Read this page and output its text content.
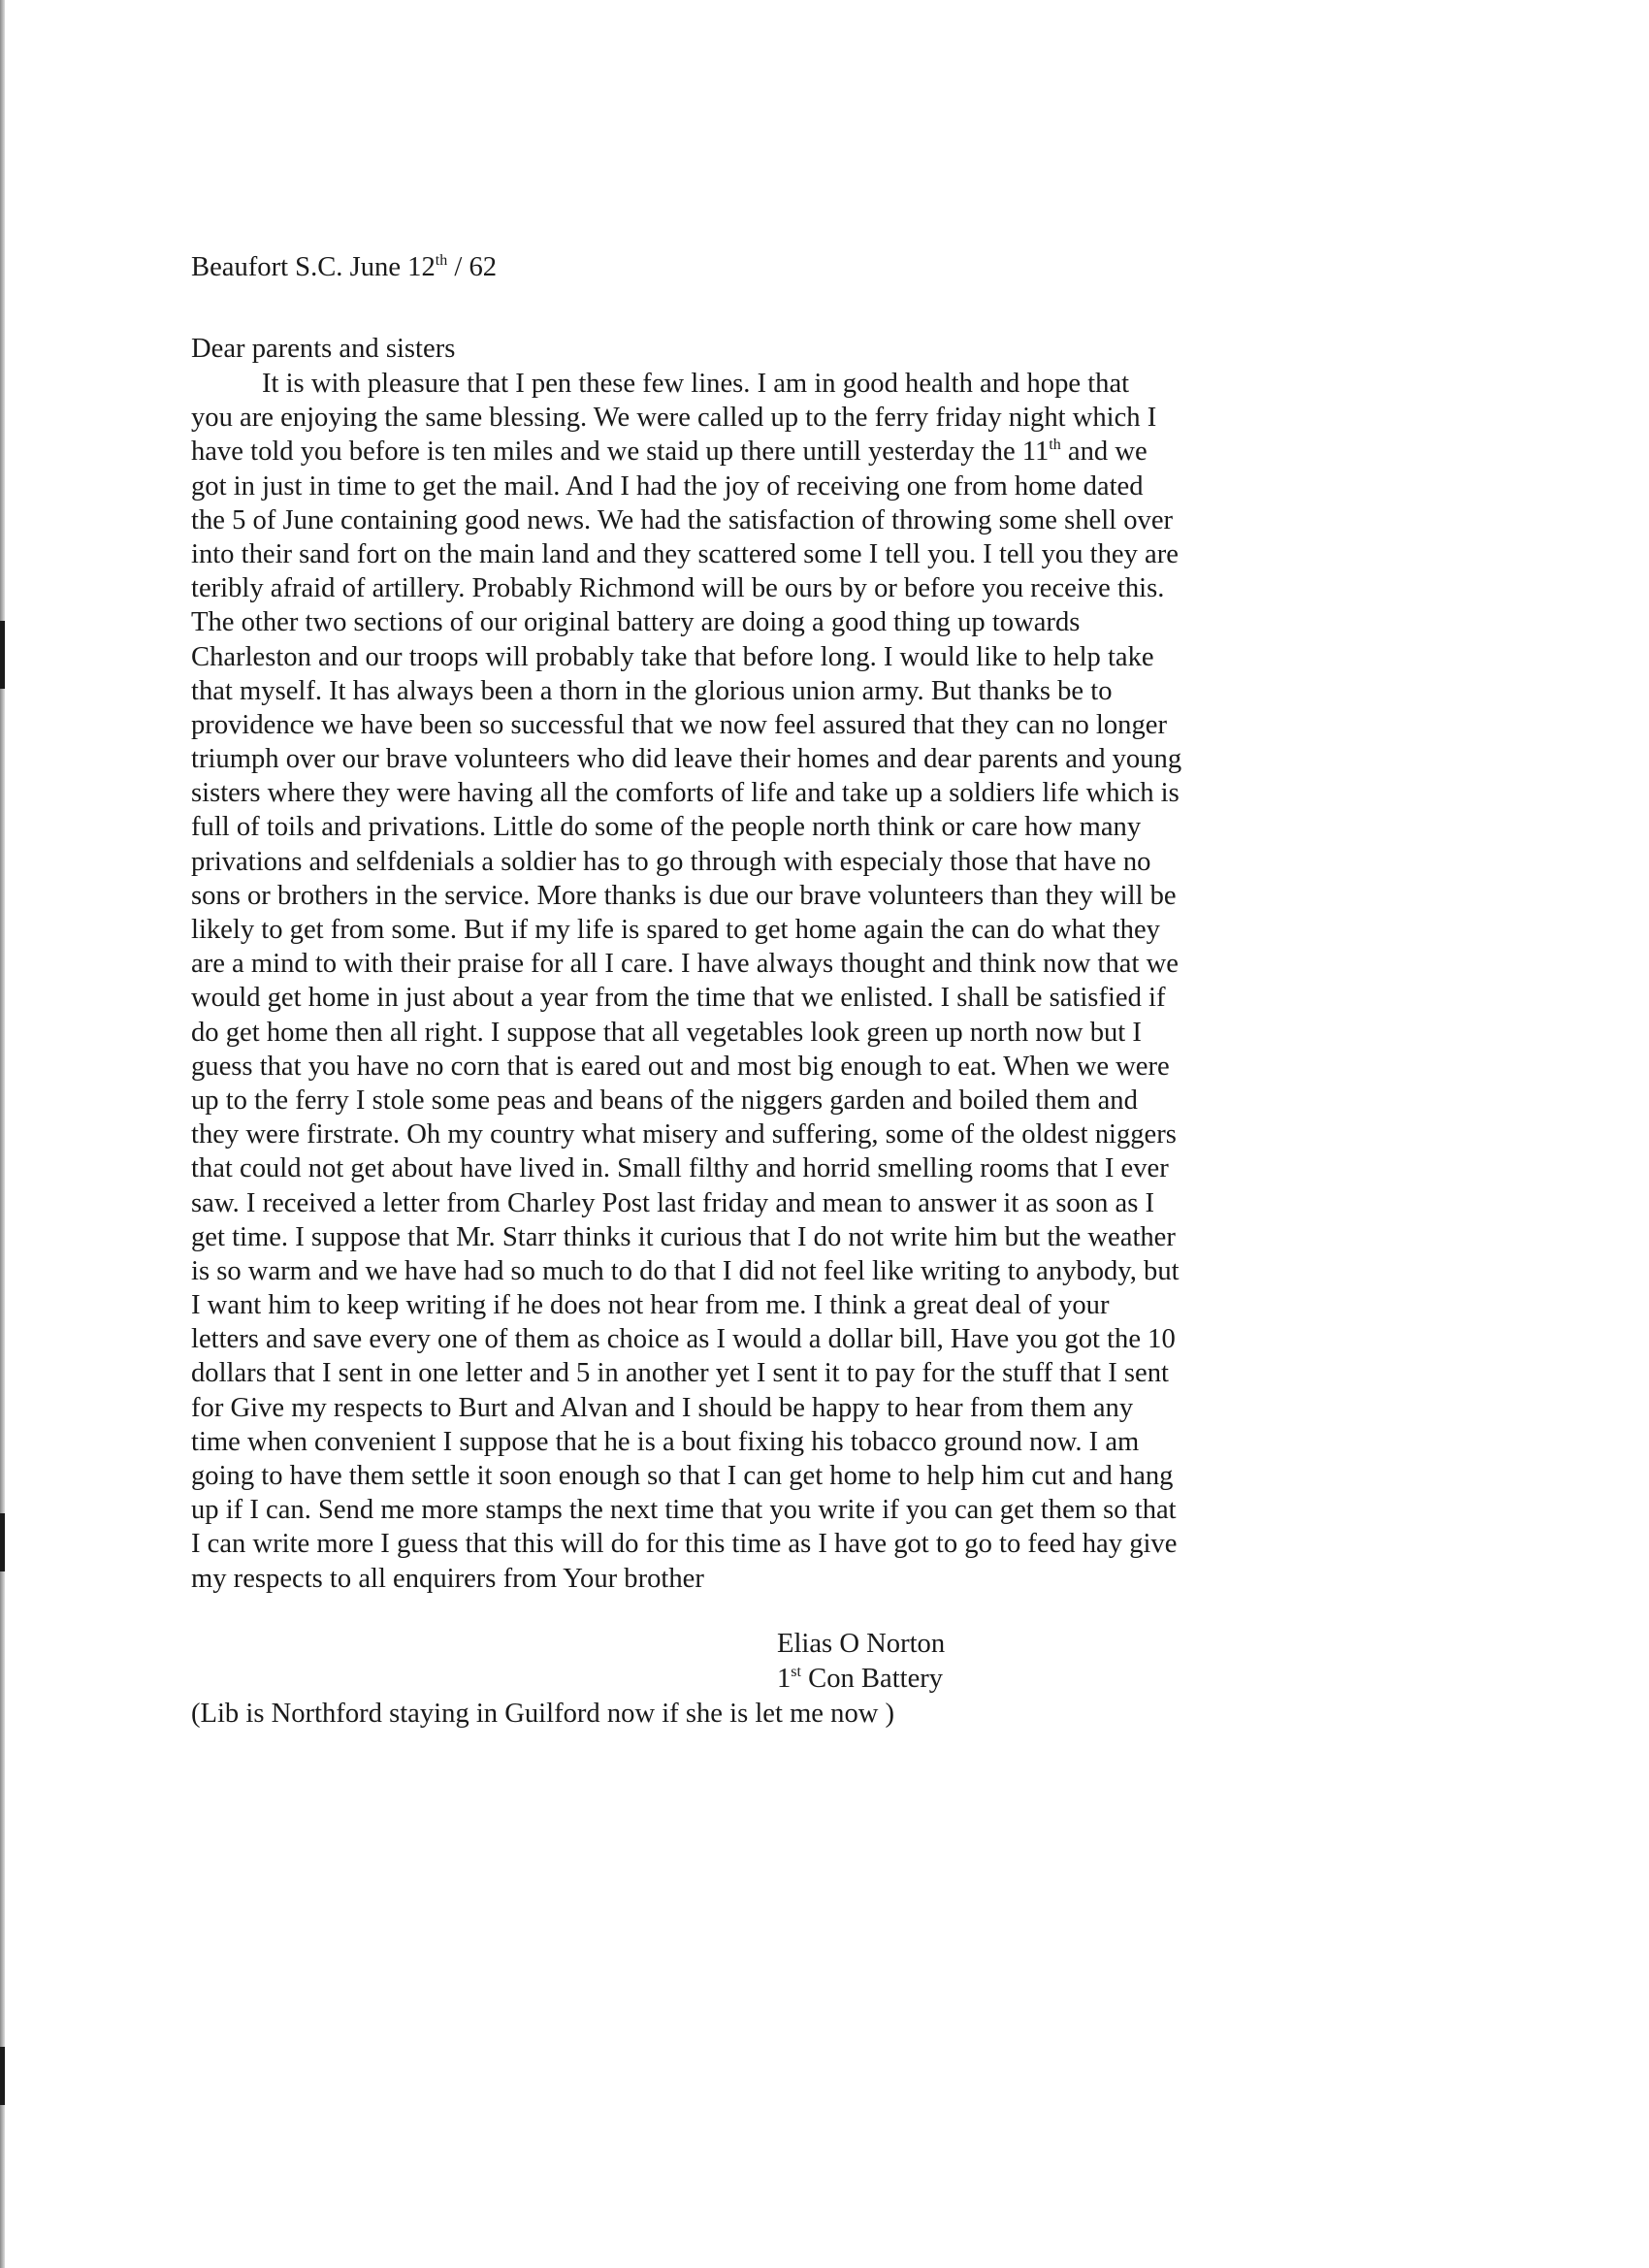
Beaufort S.C. June 12th / 62

Dear parents and sisters

It is with pleasure that I pen these few lines. I am in good health and hope that
you are enjoying the same blessing. We were called up to the ferry friday night which I
have told you before is ten miles and we staid up there untill yesterday the 11th and we
got in just in time to get the mail. And I had the joy of receiving one from home dated
the 5 of June containing good news. We had the satisfaction of throwing some shell over
into their sand fort on the main land and they scattered some I tell you. I tell you they are
teribly afraid of artillery. Probably Richmond will be ours by or before you receive this.
The other two sections of our original battery are doing a good thing up towards
Charleston and our troops will probably take that before long. I would like to help take
that myself. It has always been a thorn in the glorious union army. But thanks be to
providence we have been so successful that we now feel assured that they can no longer
triumph over our brave volunteers who did leave their homes and dear parents and young
sisters where they were having all the comforts of life and take up a soldiers life which is
full of toils and privations. Little do some of the people north think or care how many
privations and selfdenials a soldier has to go through with especialy those that have no
sons or brothers in the service. More thanks is due our brave volunteers than they will be
likely to get from some. But if my life is spared to get home again the can do what they
are a mind to with their praise for all I care. I have always thought and think now that we
would get home in just about a year from the time that we enlisted. I shall be satisfied if
do get home then all right. I suppose that all vegetables look green up north now but I
guess that you have no corn that is eared out and most big enough to eat. When we were
up to the ferry I stole some peas and beans of the niggers garden and boiled them and
they were firstrate. Oh my country what misery and suffering, some of the oldest niggers
that could not get about have lived in. Small filthy and horrid smelling rooms that I ever
saw. I received a letter from Charley Post last friday and mean to answer it as soon as I
get time. I suppose that Mr. Starr thinks it curious that I do not write him but the weather
is so warm and we have had so much to do that I did not feel like writing to anybody, but
I want him to keep writing if he does not hear from me. I think a great deal of your
letters and save every one of them as choice as I would a dollar bill, Have you got the 10
dollars that I sent in one letter and 5 in another yet I sent it to pay for the stuff that I sent
for Give my respects to Burt and Alvan and I should be happy to hear from them any
time when convenient I suppose that he is a bout fixing his tobacco ground now. I am
going to have them settle it soon enough so that I can get home to help him cut and hang
up if I can. Send me more stamps the next time that you write if you can get them so that
I can write more I guess that this will do for this time as I have got to go to feed hay give
my respects to all enquirers from Your brother
Elias O Norton
1st Con Battery

(Lib is Northford staying in Guilford now if she is let me now )
